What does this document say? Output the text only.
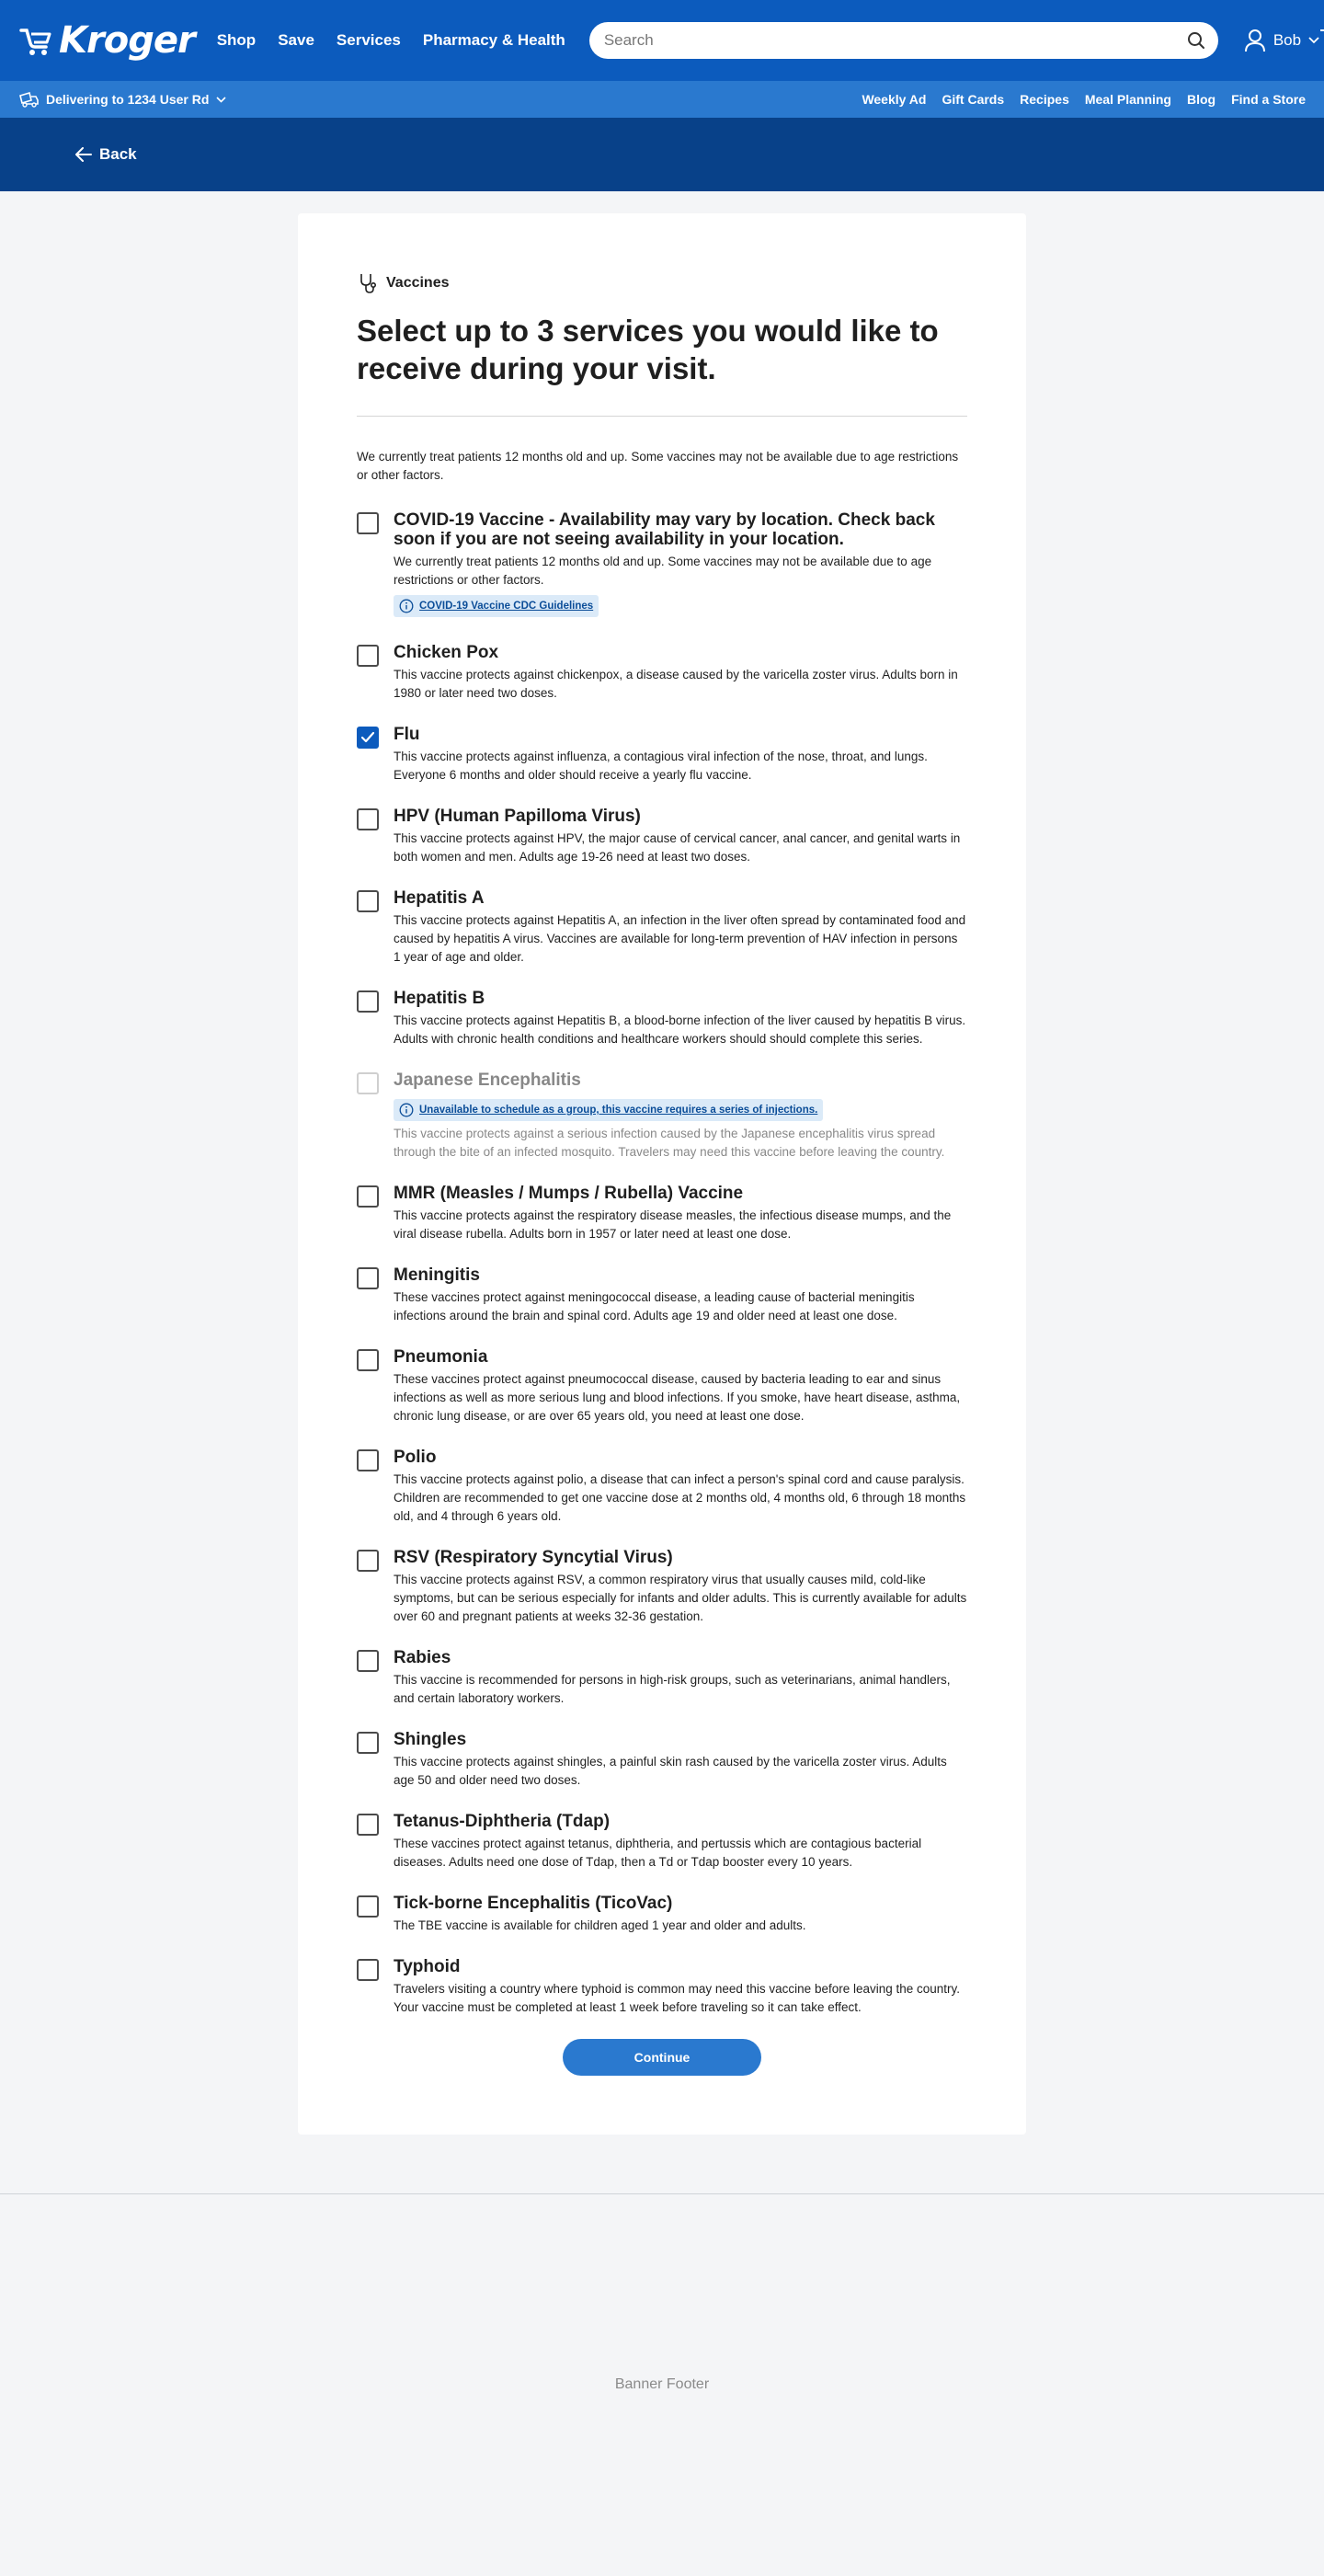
Kroger Shop Save Services Pharmacy & Health
Search	Bob
Delivering to 1234 User Rd	Weekly Ad Gift Cards Recipes Meal Planning Blog Find a Store
Back
Vaccines
Select up to 3 services you would like to receive during your visit.

We currently treat patients 12 months old and up. Some vaccines may not be available due to age restrictions or other factors.

COVID-19 Vaccine - Availability may vary by location. Check back soon if you are not seeing availability in your location.
We currently treat patients 12 months old and up. Some vaccines may not be available due to age restrictions or other factors.
COVID-19 Vaccine CDC Guidelines
Chicken Pox
This vaccine protects against chickenpox, a disease caused by the varicella zoster virus. Adults born in 1980 or later need two doses.
Flu
This vaccine protects against influenza, a contagious viral infection of the nose, throat, and lungs. Everyone 6 months and older should receive a yearly flu vaccine.
HPV (Human Papilloma Virus)
This vaccine protects against HPV, the major cause of cervical cancer, anal cancer, and genital warts in both women and men. Adults age 19-26 need at least two doses.
Hepatitis A
This vaccine protects against Hepatitis A, an infection in the liver often spread by contaminated food and caused by hepatitis A virus. Vaccines are available for long-term prevention of HAV infection in persons 1 year of age and older.
Hepatitis B
This vaccine protects against Hepatitis B, a blood-borne infection of the liver caused by hepatitis B virus. Adults with chronic health conditions and healthcare workers should should complete this series.
Japanese Encephalitis
Unavailable to schedule as a group, this vaccine requires a series of injections.
This vaccine protects against a serious infection caused by the Japanese encephalitis virus spread through the bite of an infected mosquito. Travelers may need this vaccine before leaving the country.
MMR (Measles / Mumps / Rubella) Vaccine
This vaccine protects against the respiratory disease measles, the infectious disease mumps, and the viral disease rubella. Adults born in 1957 or later need at least one dose.
Meningitis
These vaccines protect against meningococcal disease, a leading cause of bacterial meningitis infections around the brain and spinal cord. Adults age 19 and older need at least one dose.
Pneumonia
These vaccines protect against pneumococcal disease, caused by bacteria leading to ear and sinus infections as well as more serious lung and blood infections. If you smoke, have heart disease, asthma, chronic lung disease, or are over 65 years old, you need at least one dose.
Polio
This vaccine protects against polio, a disease that can infect a person's spinal cord and cause paralysis. Children are recommended to get one vaccine dose at 2 months old, 4 months old, 6 through 18 months old, and 4 through 6 years old.
RSV (Respiratory Syncytial Virus)
This vaccine protects against RSV, a common respiratory virus that usually causes mild, cold-like symptoms, but can be serious especially for infants and older adults. This is currently available for adults over 60 and pregnant patients at weeks 32-36 gestation.
Rabies
This vaccine is recommended for persons in high-risk groups, such as veterinarians, animal handlers, and certain laboratory workers.
Shingles
This vaccine protects against shingles, a painful skin rash caused by the varicella zoster virus. Adults age 50 and older need two doses.
Tetanus-Diphtheria (Tdap)
These vaccines protect against tetanus, diphtheria, and pertussis which are contagious bacterial diseases. Adults need one dose of Tdap, then a Td or Tdap booster every 10 years.
Tick-borne Encephalitis (TicoVac)
The TBE vaccine is available for children aged 1 year and older and adults.
Typhoid
Travelers visiting a country where typhoid is common may need this vaccine before leaving the country. Your vaccine must be completed at least 1 week before traveling so it can take effect.
Continue
Banner Footer
